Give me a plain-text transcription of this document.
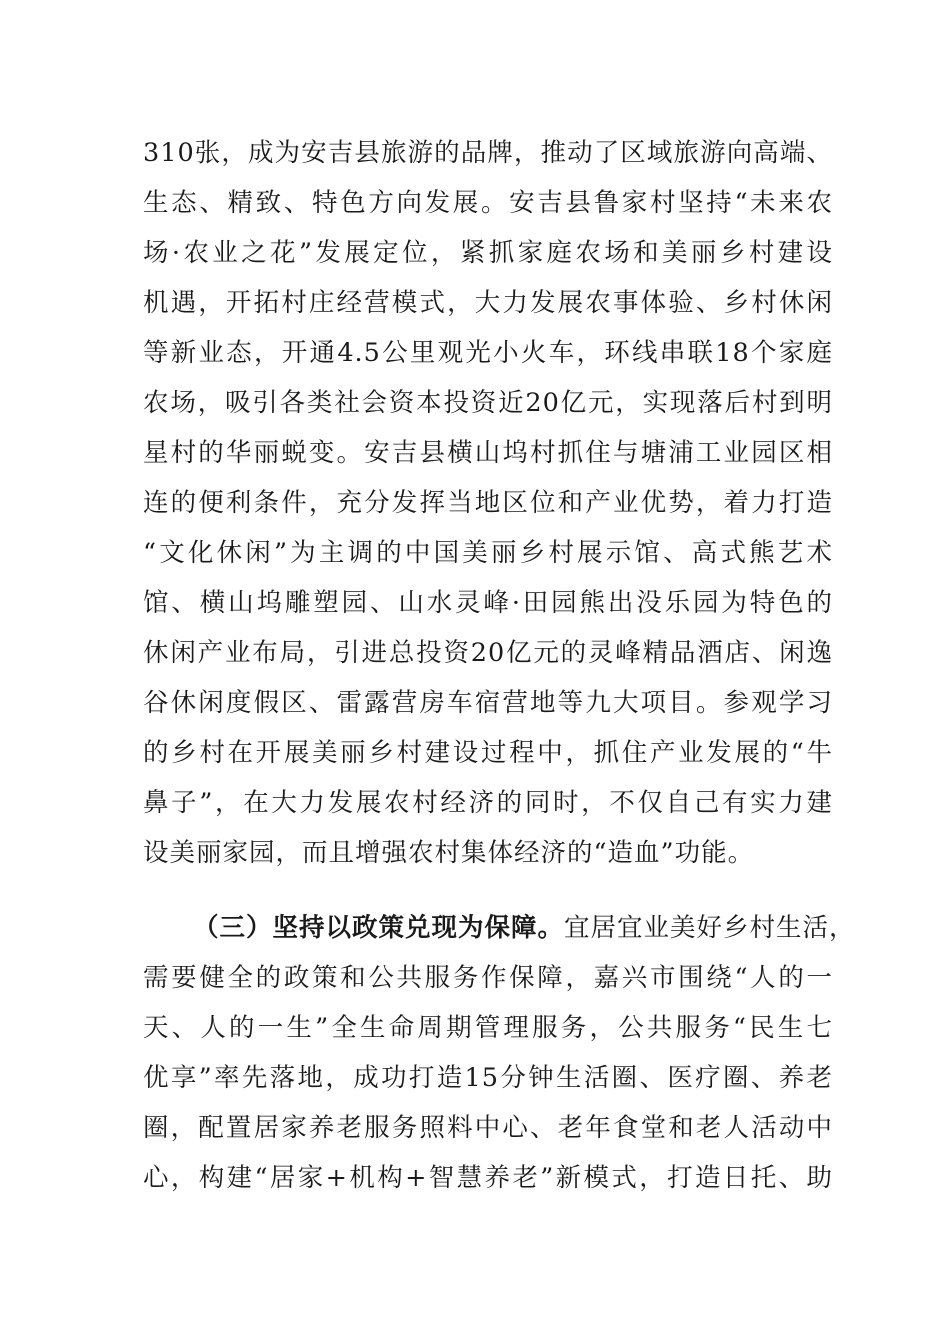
310张，成为安吉县旅游的品牌，推动了区域旅游向高端、
生态、精致、特色方向发展。安吉县鲁家村坚持“未来农
场·农业之花”发展定位，紧抓家庭农场和美丽乡村建设
机遇，开拓村庄经营模式，大力发展农事体验、乡村休闲
等新业态，开通4.5公里观光小火车，环线串联18个家庭
农场，吸引各类社会资本投资近20亿元，实现落后村到明
星村的华丽蜕变。安吉县横山坞村抓住与塘浦工业园区相
连的便利条件，充分发挥当地区位和产业优势，着力打造
“文化休闲”为主调的中国美丽乡村展示馆、高式熊艺术
馆、横山坞雕塑园、山水灵峰·田园熊出没乐园为特色的
休闲产业布局，引进总投资20亿元的灵峰精品酒店、闲逸
谷休闲度假区、雷露营房车宿营地等九大项目。参观学习
的乡村在开展美丽乡村建设过程中，抓住产业发展的“牛
鼻子”，在大力发展农村经济的同时，不仅自己有实力建
设美丽家园，而且增强农村集体经济的“造血”功能。
（三）坚持以政策兑现为保障。宜居宜业美好乡村生活，
需要健全的政策和公共服务作保障，嘉兴市围绕“人的一
天、人的一生”全生命周期管理服务，公共服务“民生七
优享”率先落地，成功打造15分钟生活圈、医疗圈、养老
圈，配置居家养老服务照料中心、老年食堂和老人活动中
心，构建“居家+机构+智慧养老”新模式，打造日托、助
